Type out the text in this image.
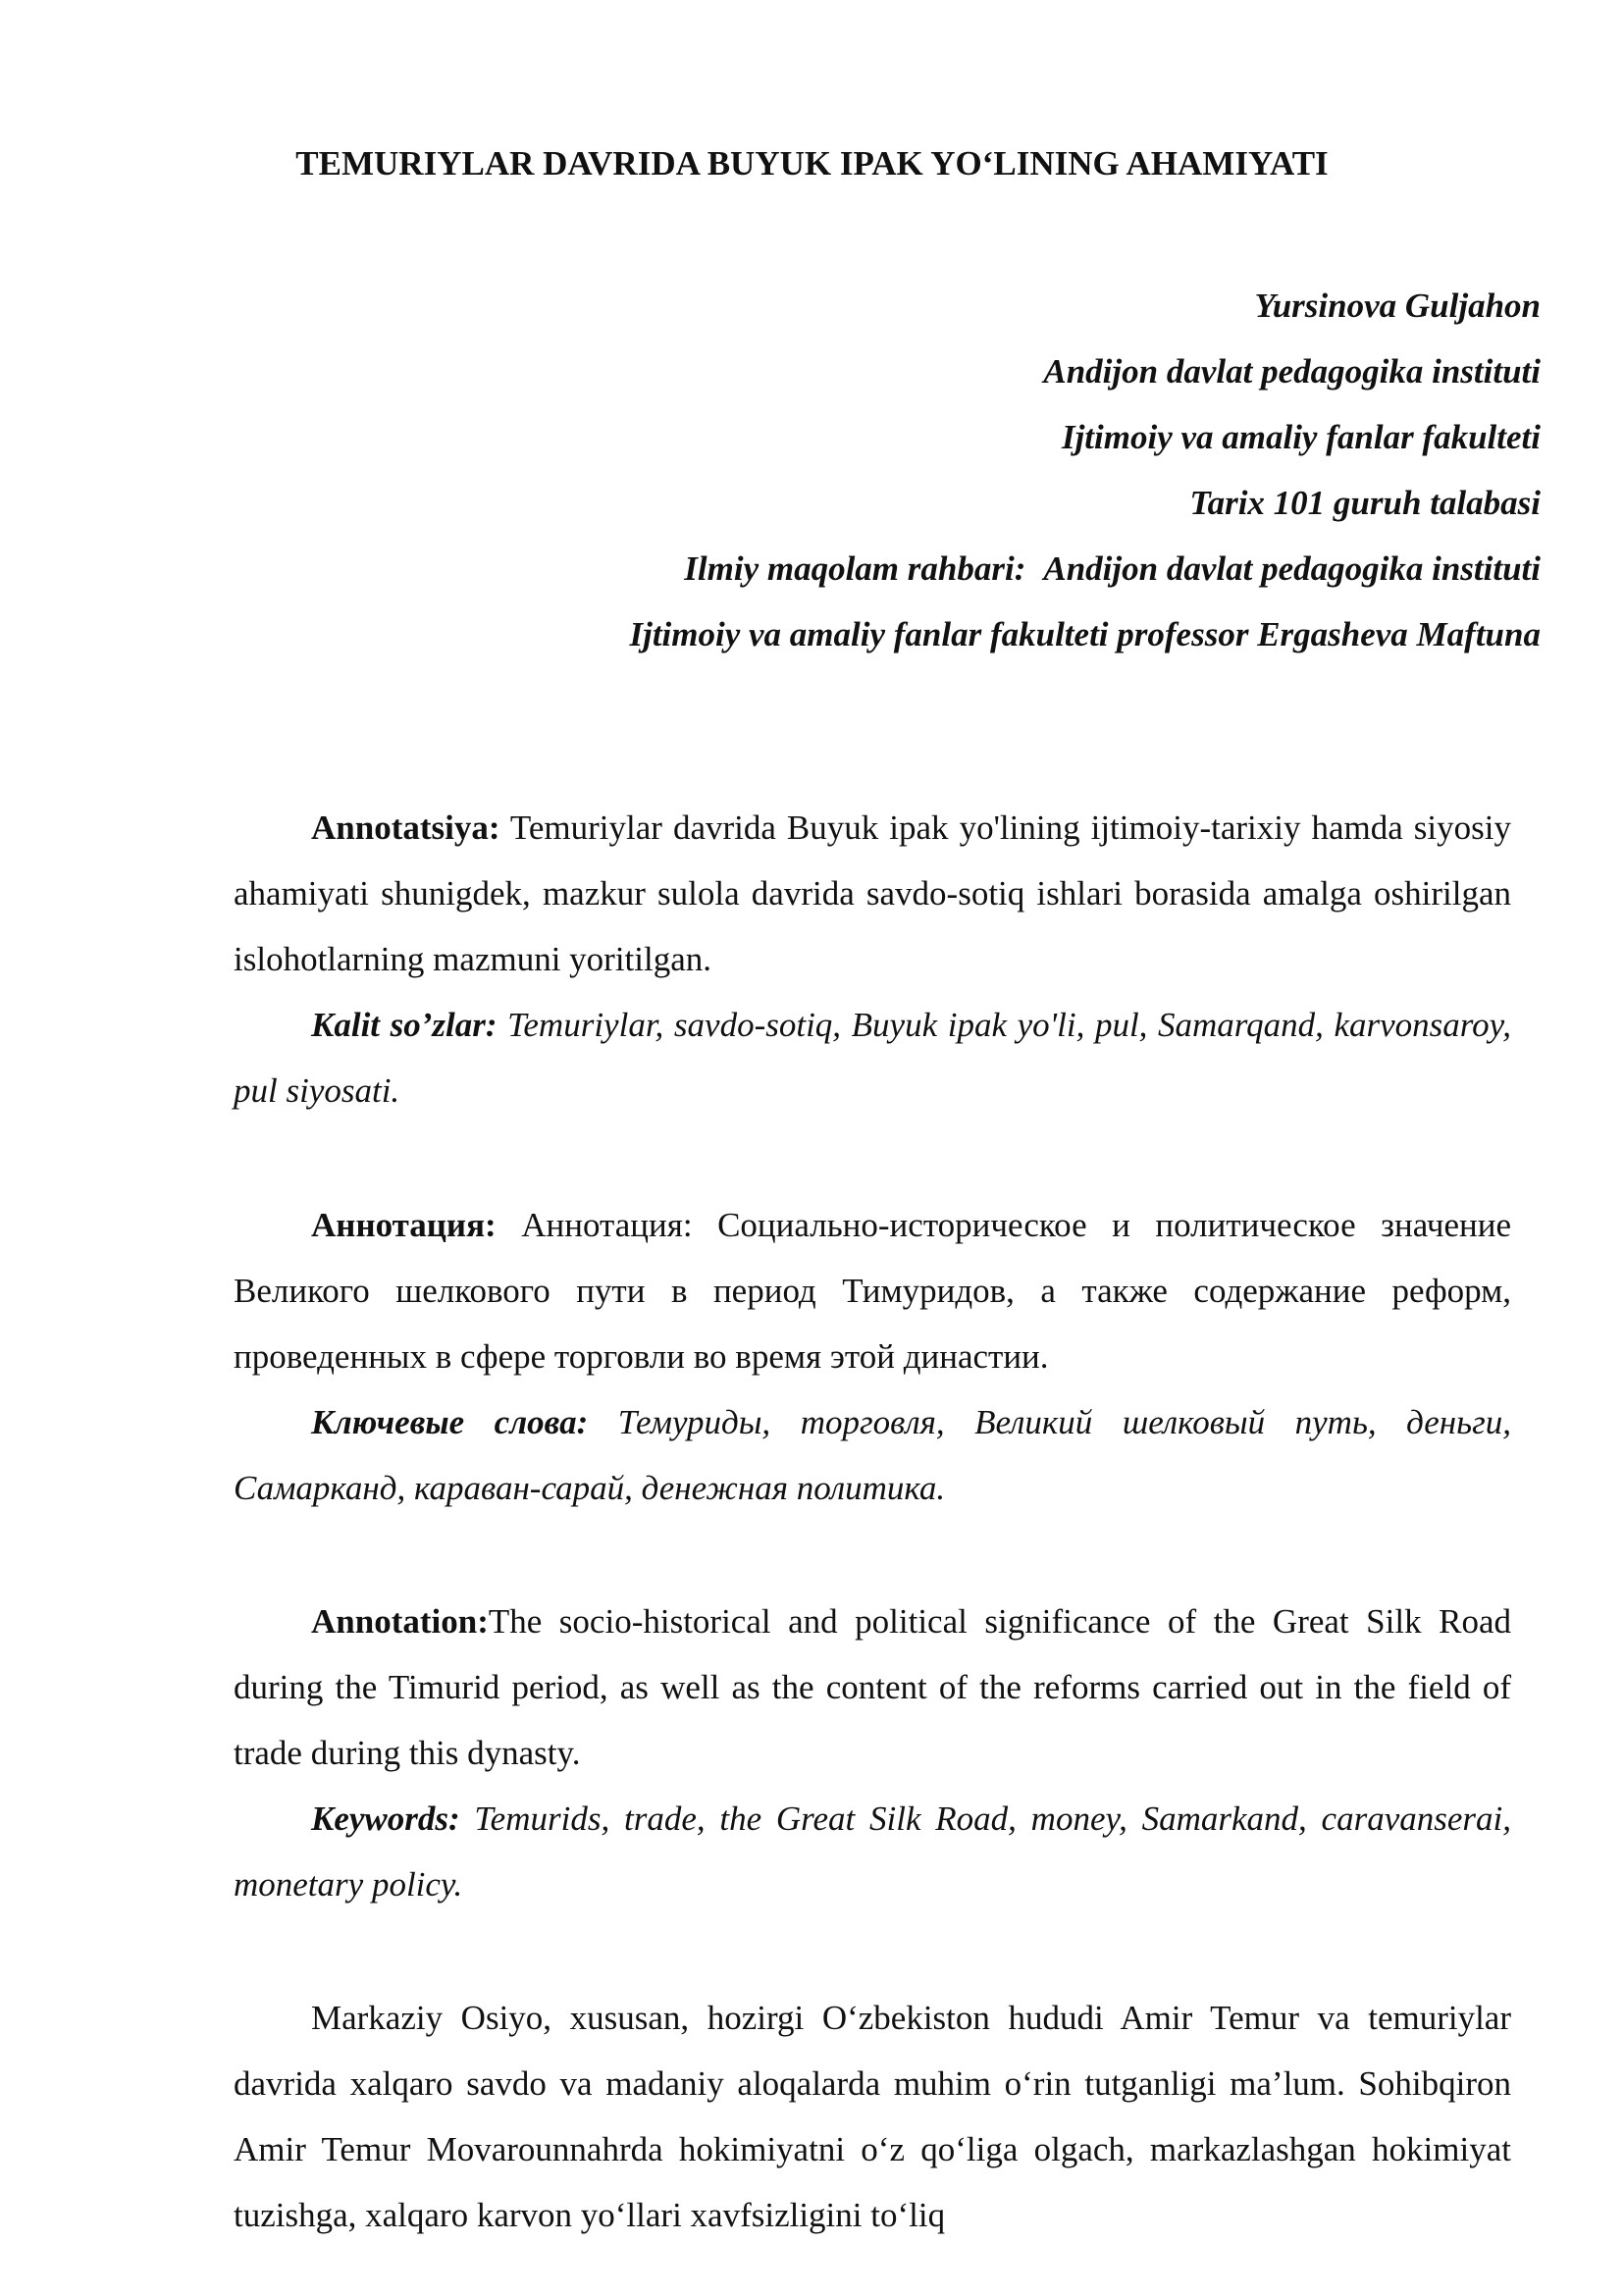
TEMURIYLAR DAVRIDA BUYUK IPAK YO‘LINING AHAMIYATI
Yursinova Guljahon
Andijon davlat pedagogika instituti
Ijtimoiy va amaliy fanlar fakulteti
Tarix 101 guruh talabasi
Ilmiy maqolam rahbari: Andijon davlat pedagogika instituti
Ijtimoiy va amaliy fanlar fakulteti professor Ergasheva Maftuna

Annotatsiya: Temuriylar davrida Buyuk ipak yo'lining ijtimoiy-tarixiy hamda siyosiy ahamiyati shunigdek, mazkur sulola davrida savdo-sotiq ishlari borasida amalga oshirilgan islohotlarning mazmuni yoritilgan.

Kalit so’zlar: Temuriylar, savdo-sotiq, Buyuk ipak yo'li, pul, Samarqand, karvonsaroy, pul siyosati.

Аннотация: Аннотация: Социально-историческое и политическое значение Великого шелкового пути в период Тимуридов, а также содержание реформ, проведенных в сфере торговли во время этой династии.

Ключевые слова: Темуриды, торговля, Великий шелковый путь, деньги, Самарканд, караван-сарай, денежная политика.

Annotation:The socio-historical and political significance of the Great Silk Road during the Timurid period, as well as the content of the reforms carried out in the field of trade during this dynasty.

Keywords: Temurids, trade, the Great Silk Road, money, Samarkand, caravanserai, monetary policy.

Markaziy Osiyo, xususan, hozirgi O‘zbekiston hududi Amir Temur va temuriylar davrida xalqaro savdo va madaniy aloqalarda muhim o‘rin tutganligi ma’lum. Sohibqiron Amir Temur Movarounnahrda hokimiyatni o‘z qo‘liga olgach, markazlashgan hokimiyat tuzishga, xalqaro karvon yo‘llari xavfsizligini to‘liq
